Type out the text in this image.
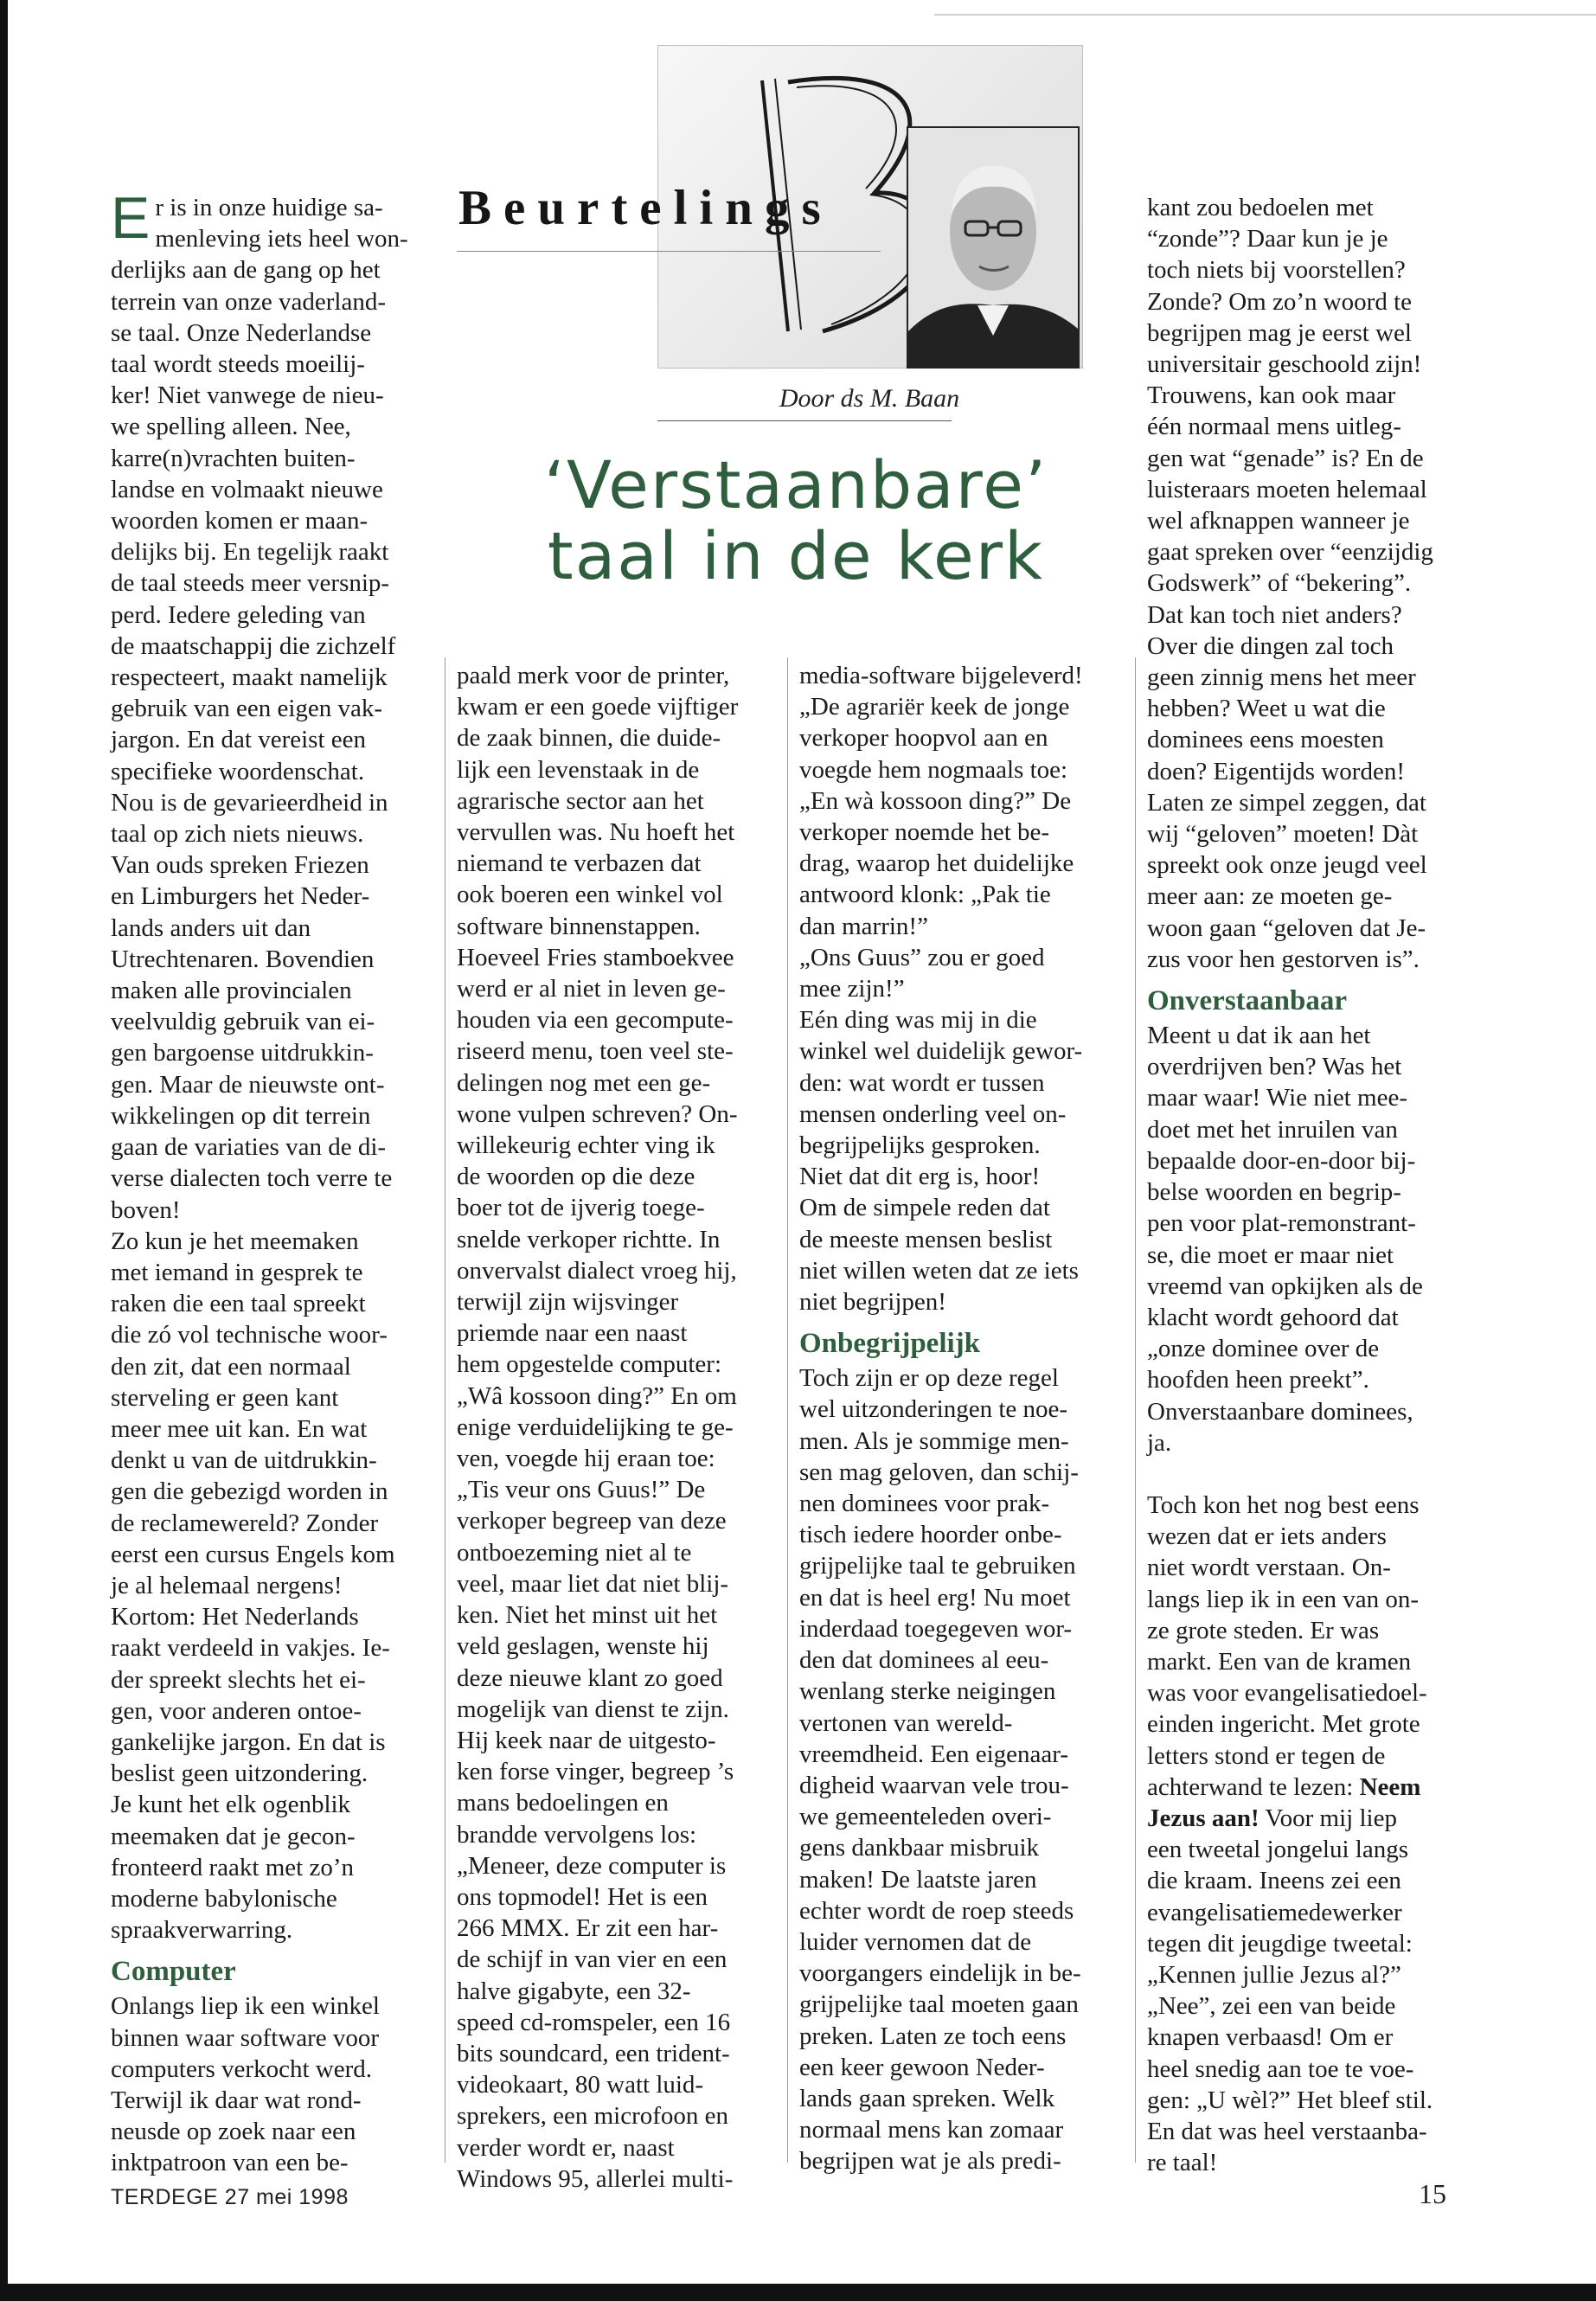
Beurtelings
Door ds M. Baan
‘Verstaanbare’
taal in de kerk
E r is in onze huidige sa-
menleving iets heel won-
derlijks aan de gang op het
terrein van onze vaderland-
se taal. Onze Nederlandse
taal wordt steeds moeilij-
ker! Niet vanwege de nieu-
we spelling alleen. Nee,
karre(n)vrachten buiten-
landse en volmaakt nieuwe
woorden komen er maan-
delijks bij. En tegelijk raakt
de taal steeds meer versnip-
perd. Iedere geleding van
de maatschappij die zichzelf
respecteert, maakt namelijk
gebruik van een eigen vak-
jargon. En dat vereist een
specifieke woordenschat.
Nou is de gevarieerdheid in
taal op zich niets nieuws.
Van ouds spreken Friezen
en Limburgers het Neder-
lands anders uit dan
Utrechtenaren. Bovendien
maken alle provincialen
veelvuldig gebruik van ei-
gen bargoense uitdrukkin-
gen. Maar de nieuwste ont-
wikkelingen op dit terrein
gaan de variaties van de di-
verse dialecten toch verre te
boven!
Zo kun je het meemaken
met iemand in gesprek te
raken die een taal spreekt
die zó vol technische woor-
den zit, dat een normaal
sterveling er geen kant
meer mee uit kan. En wat
denkt u van de uitdrukkin-
gen die gebezigd worden in
de reclamewereld? Zonder
eerst een cursus Engels kom
je al helemaal nergens!
Kortom: Het Nederlands
raakt verdeeld in vakjes. Ie-
der spreekt slechts het ei-
gen, voor anderen ontoe-
gankelijke jargon. En dat is
beslist geen uitzondering.
Je kunt het elk ogenblik
meemaken dat je gecon-
fronteerd raakt met zo’n
moderne babylonische
spraakverwarring.
Computer
Onlangs liep ik een winkel
binnen waar software voor
computers verkocht werd.
Terwijl ik daar wat rond-
neusde op zoek naar een
inktpatroon van een be-
paald merk voor de printer,
kwam er een goede vijftiger
de zaak binnen, die duide-
lijk een levenstaak in de
agrarische sector aan het
vervullen was. Nu hoeft het
niemand te verbazen dat
ook boeren een winkel vol
software binnenstappen.
Hoeveel Fries stamboekvee
werd er al niet in leven ge-
houden via een gecompute-
riseerd menu, toen veel ste-
delingen nog met een ge-
wone vulpen schreven? On-
willekeurig echter ving ik
de woorden op die deze
boer tot de ijverig toege-
snelde verkoper richtte. In
onvervalst dialect vroeg hij,
terwijl zijn wijsvinger
priemde naar een naast
hem opgestelde computer:
„Wâ kossoon ding?” En om
enige verduidelijking te ge-
ven, voegde hij eraan toe:
„Tis veur ons Guus!” De
verkoper begreep van deze
ontboezeming niet al te
veel, maar liet dat niet blij-
ken. Niet het minst uit het
veld geslagen, wenste hij
deze nieuwe klant zo goed
mogelijk van dienst te zijn.
Hij keek naar de uitgesto-
ken forse vinger, begreep ’s
mans bedoelingen en
brandde vervolgens los:
„Meneer, deze computer is
ons topmodel! Het is een
266 MMX. Er zit een har-
de schijf in van vier en een
halve gigabyte, een 32-
speed cd-romspeler, een 16
bits soundcard, een trident-
videokaart, 80 watt luid-
sprekers, een microfoon en
verder wordt er, naast
Windows 95, allerlei multi-
media-software bijgeleverd!
„De agrariër keek de jonge
verkoper hoopvol aan en
voegde hem nogmaals toe:
„En wà kossoon ding?” De
verkoper noemde het be-
drag, waarop het duidelijke
antwoord klonk: „Pak tie
dan marrin!”
„Ons Guus” zou er goed
mee zijn!”
Eén ding was mij in die
winkel wel duidelijk gewor-
den: wat wordt er tussen
mensen onderling veel on-
begrijpelijks gesproken.
Niet dat dit erg is, hoor!
Om de simpele reden dat
de meeste mensen beslist
niet willen weten dat ze iets
niet begrijpen!
Onbegrijpelijk
Toch zijn er op deze regel
wel uitzonderingen te noe-
men. Als je sommige men-
sen mag geloven, dan schij-
nen dominees voor prak-
tisch iedere hoorder onbe-
grijpelijke taal te gebruiken
en dat is heel erg! Nu moet
inderdaad toegegeven wor-
den dat dominees al eeu-
wenlang sterke neigingen
vertonen van wereld-
vreemdheid. Een eigenaar-
digheid waarvan vele trou-
we gemeenteleden overi-
gens dankbaar misbruik
maken! De laatste jaren
echter wordt de roep steeds
luider vernomen dat de
voorgangers eindelijk in be-
grijpelijke taal moeten gaan
preken. Laten ze toch eens
een keer gewoon Neder-
lands gaan spreken. Welk
normaal mens kan zomaar
begrijpen wat je als predi-
kant zou bedoelen met
“zonde”? Daar kun je je
toch niets bij voorstellen?
Zonde? Om zo’n woord te
begrijpen mag je eerst wel
universitair geschoold zijn!
Trouwens, kan ook maar
één normaal mens uitleg-
gen wat “genade” is? En de
luisteraars moeten helemaal
wel afknappen wanneer je
gaat spreken over “eenzijdig
Godswerk” of “bekering”.
Dat kan toch niet anders?
Over die dingen zal toch
geen zinnig mens het meer
hebben? Weet u wat die
dominees eens moesten
doen? Eigentijds worden!
Laten ze simpel zeggen, dat
wij “geloven” moeten! Dàt
spreekt ook onze jeugd veel
meer aan: ze moeten ge-
woon gaan “geloven dat Je-
zus voor hen gestorven is”.
Onverstaanbaar
Meent u dat ik aan het
overdrijven ben? Was het
maar waar! Wie niet mee-
doet met het inruilen van
bepaalde door-en-door bij-
belse woorden en begrip-
pen voor plat-remonstrant-
se, die moet er maar niet
vreemd van opkijken als de
klacht wordt gehoord dat
„onze dominee over de
hoofden heen preekt”.
Onverstaanbare dominees,
ja.
Toch kon het nog best eens
wezen dat er iets anders
niet wordt verstaan. On-
langs liep ik in een van on-
ze grote steden. Er was
markt. Een van de kramen
was voor evangelisatiedoel-
einden ingericht. Met grote
letters stond er tegen de
achterwand te lezen: Neem
Jezus aan! Voor mij liep
een tweetal jongelui langs
die kraam. Ineens zei een
evangelisatiemedewerker
tegen dit jeugdige tweetal:
„Kennen jullie Jezus al?”
„Nee”, zei een van beide
knapen verbaasd! Om er
heel snedig aan toe te voe-
gen: „U wèl?” Het bleef stil.
En dat was heel verstaanba-
re taal!
TERDEGE 27 mei 1998	15
